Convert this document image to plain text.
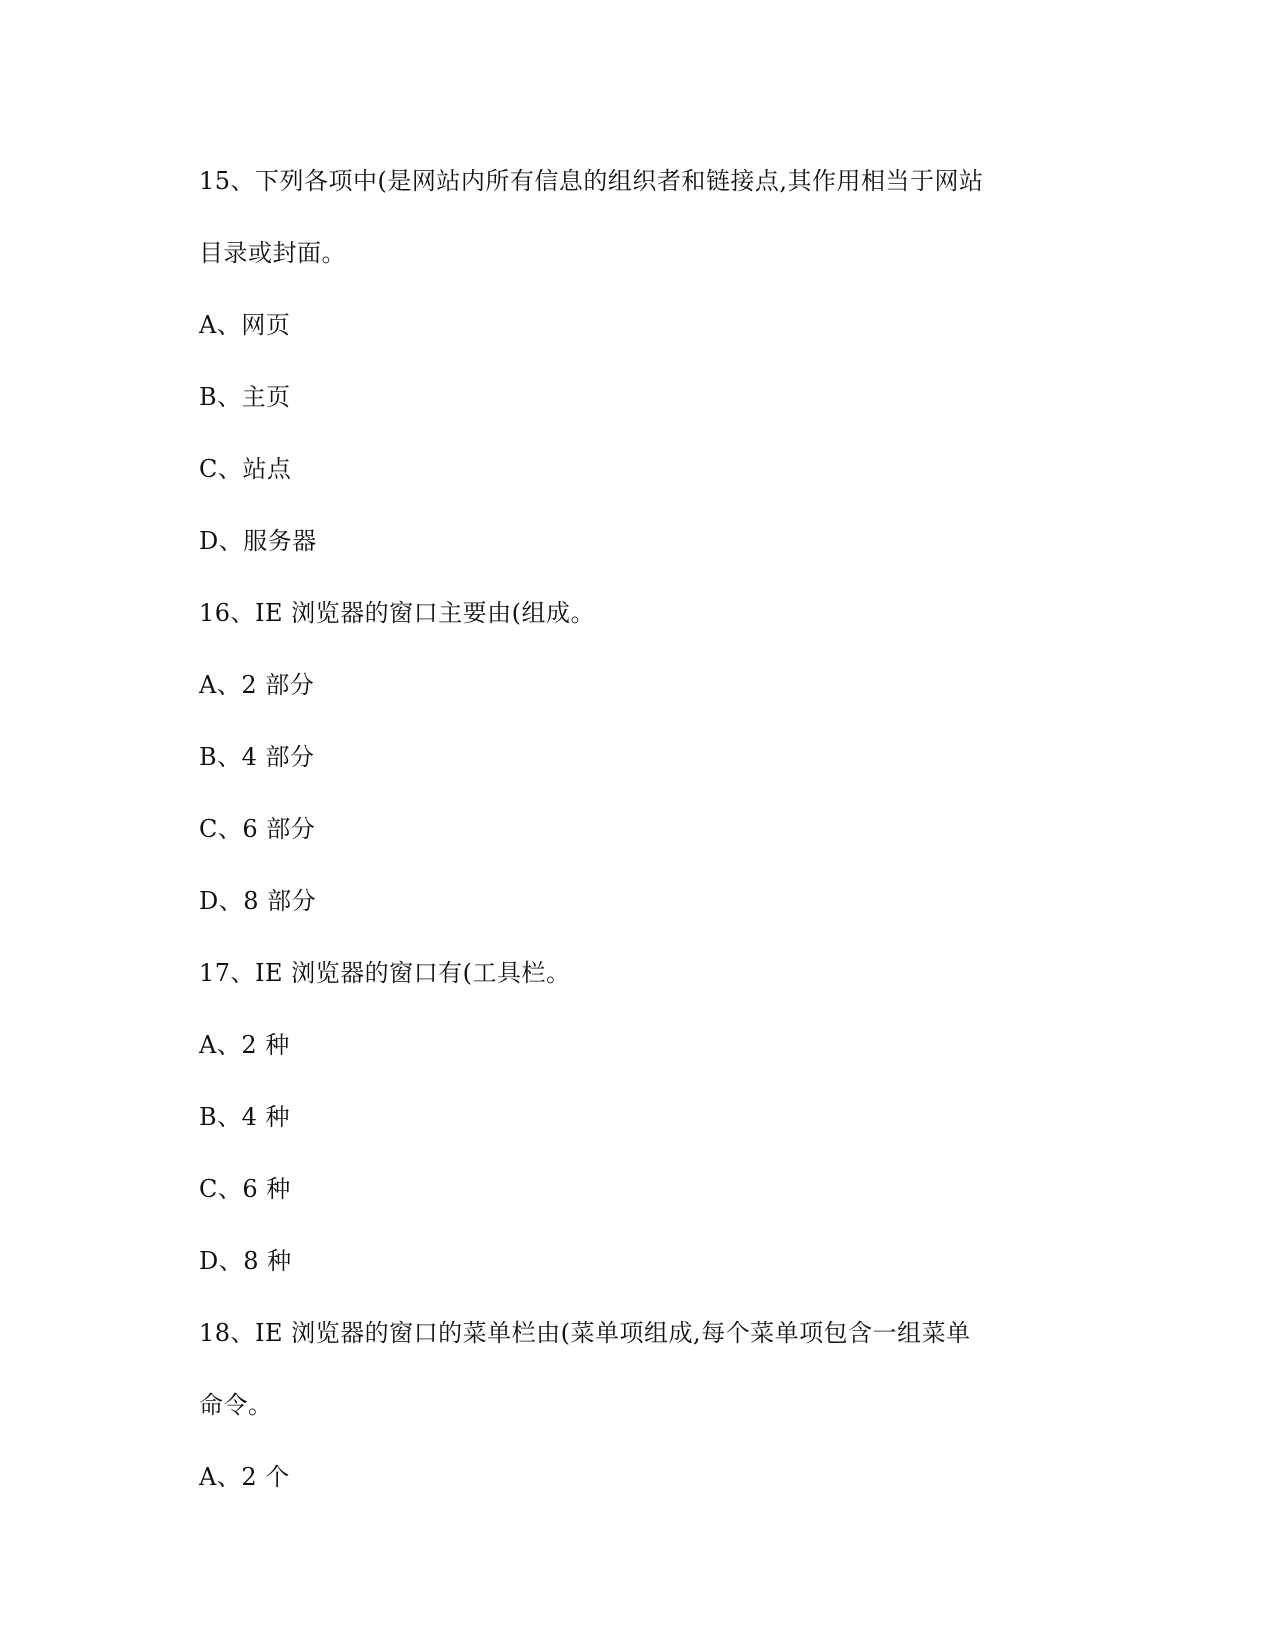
15、下列各项中(是网站内所有信息的组织者和链接点,其作用相当于网站
目录或封面。
A、网页
B、主页
C、站点
D、服务器
16、IE 浏览器的窗口主要由(组成。
A、2 部分
B、4 部分
C、6 部分
D、8 部分
17、IE 浏览器的窗口有(工具栏。
A、2 种
B、4 种
C、6 种
D、8 种
18、IE 浏览器的窗口的菜单栏由(菜单项组成,每个菜单项包含一组菜单
命令。
A、2 个
